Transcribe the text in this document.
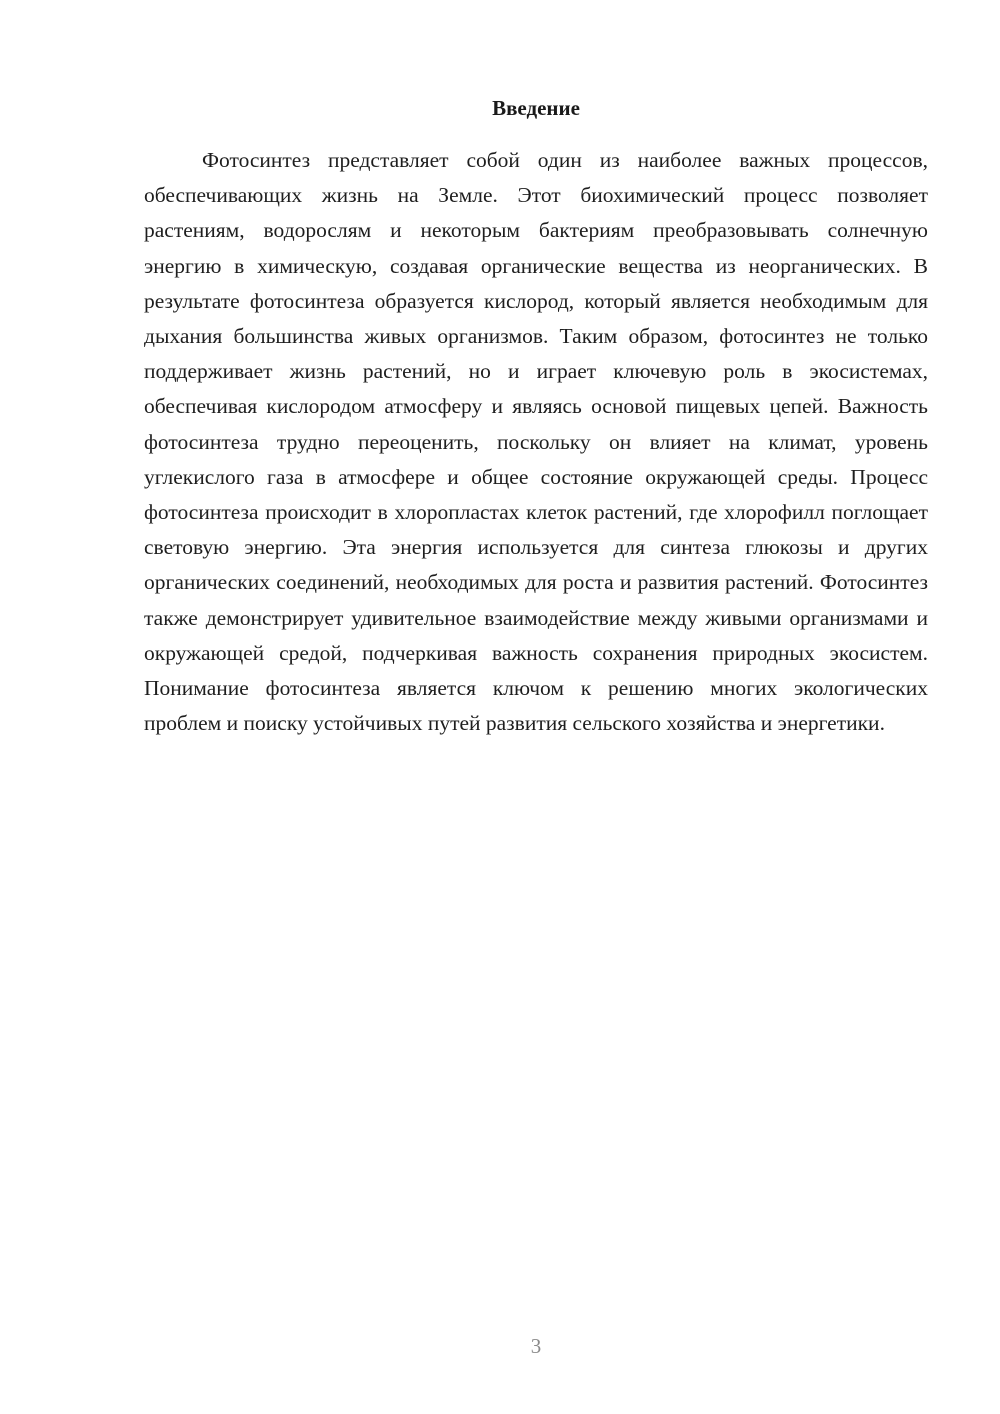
Введение

Фотосинтез представляет собой один из наиболее важных процессов, обеспечивающих жизнь на Земле. Этот биохимический процесс позволяет растениям, водорослям и некоторым бактериям преобразовывать солнечную энергию в химическую, создавая органические вещества из неорганических. В результате фотосинтеза образуется кислород, который является необходимым для дыхания большинства живых организмов. Таким образом, фотосинтез не только поддерживает жизнь растений, но и играет ключевую роль в экосистемах, обеспечивая кислородом атмосферу и являясь основой пищевых цепей. Важность фотосинтеза трудно переоценить, поскольку он влияет на климат, уровень углекислого газа в атмосфере и общее состояние окружающей среды. Процесс фотосинтеза происходит в хлоропластах клеток растений, где хлорофилл поглощает световую энергию. Эта энергия используется для синтеза глюкозы и других органических соединений, необходимых для роста и развития растений. Фотосинтез также демонстрирует удивительное взаимодействие между живыми организмами и окружающей средой, подчеркивая важность сохранения природных экосистем. Понимание фотосинтеза является ключом к решению многих экологических проблем и поиску устойчивых путей развития сельского хозяйства и энергетики.

3
